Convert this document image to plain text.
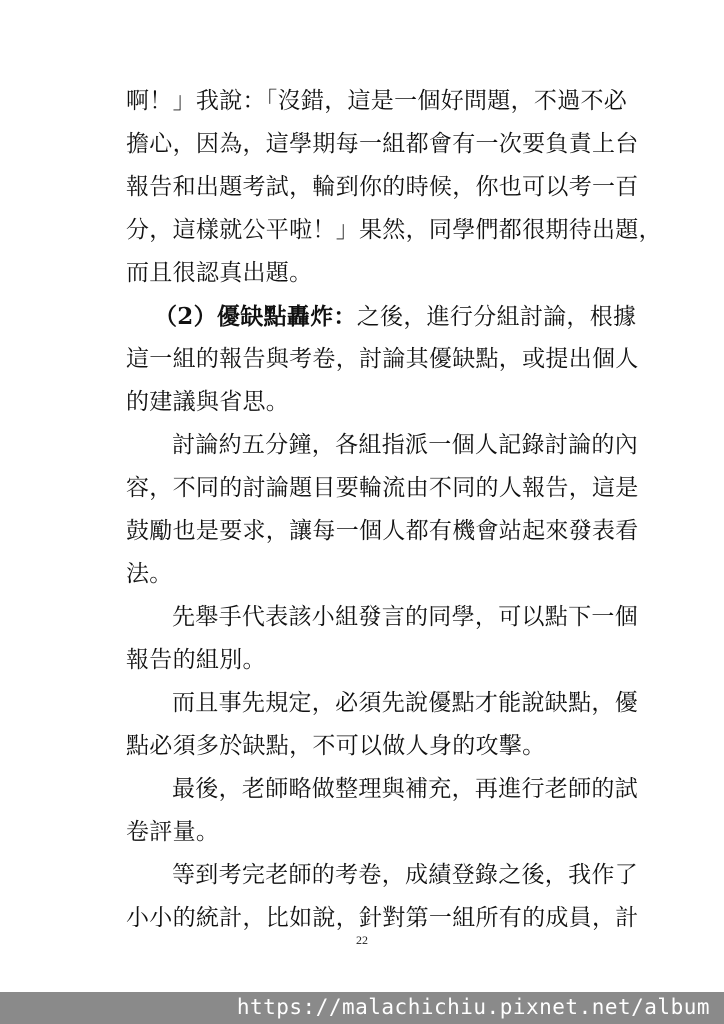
啊！」我說：「沒錯，這是一個好問題，不過不必
擔心，因為，這學期每一組都會有一次要負責上台
報告和出題考試，輪到你的時候，你也可以考一百
分，這樣就公平啦！」果然，同學們都很期待出題，
而且很認真出題。
（2）優缺點轟炸：之後，進行分組討論，根據
這一組的報告與考卷，討論其優缺點，或提出個人
的建議與省思。
討論約五分鐘，各組指派一個人記錄討論的內
容，不同的討論題目要輪流由不同的人報告，這是
鼓勵也是要求，讓每一個人都有機會站起來發表看
法。
先舉手代表該小組發言的同學，可以點下一個
報告的組別。
而且事先規定，必須先說優點才能說缺點，優
點必須多於缺點，不可以做人身的攻擊。
最後，老師略做整理與補充，再進行老師的試
卷評量。
等到考完老師的考卷，成績登錄之後，我作了
小小的統計，比如說，針對第一組所有的成員，計
22
https://malachichiu.pixnet.net/album
